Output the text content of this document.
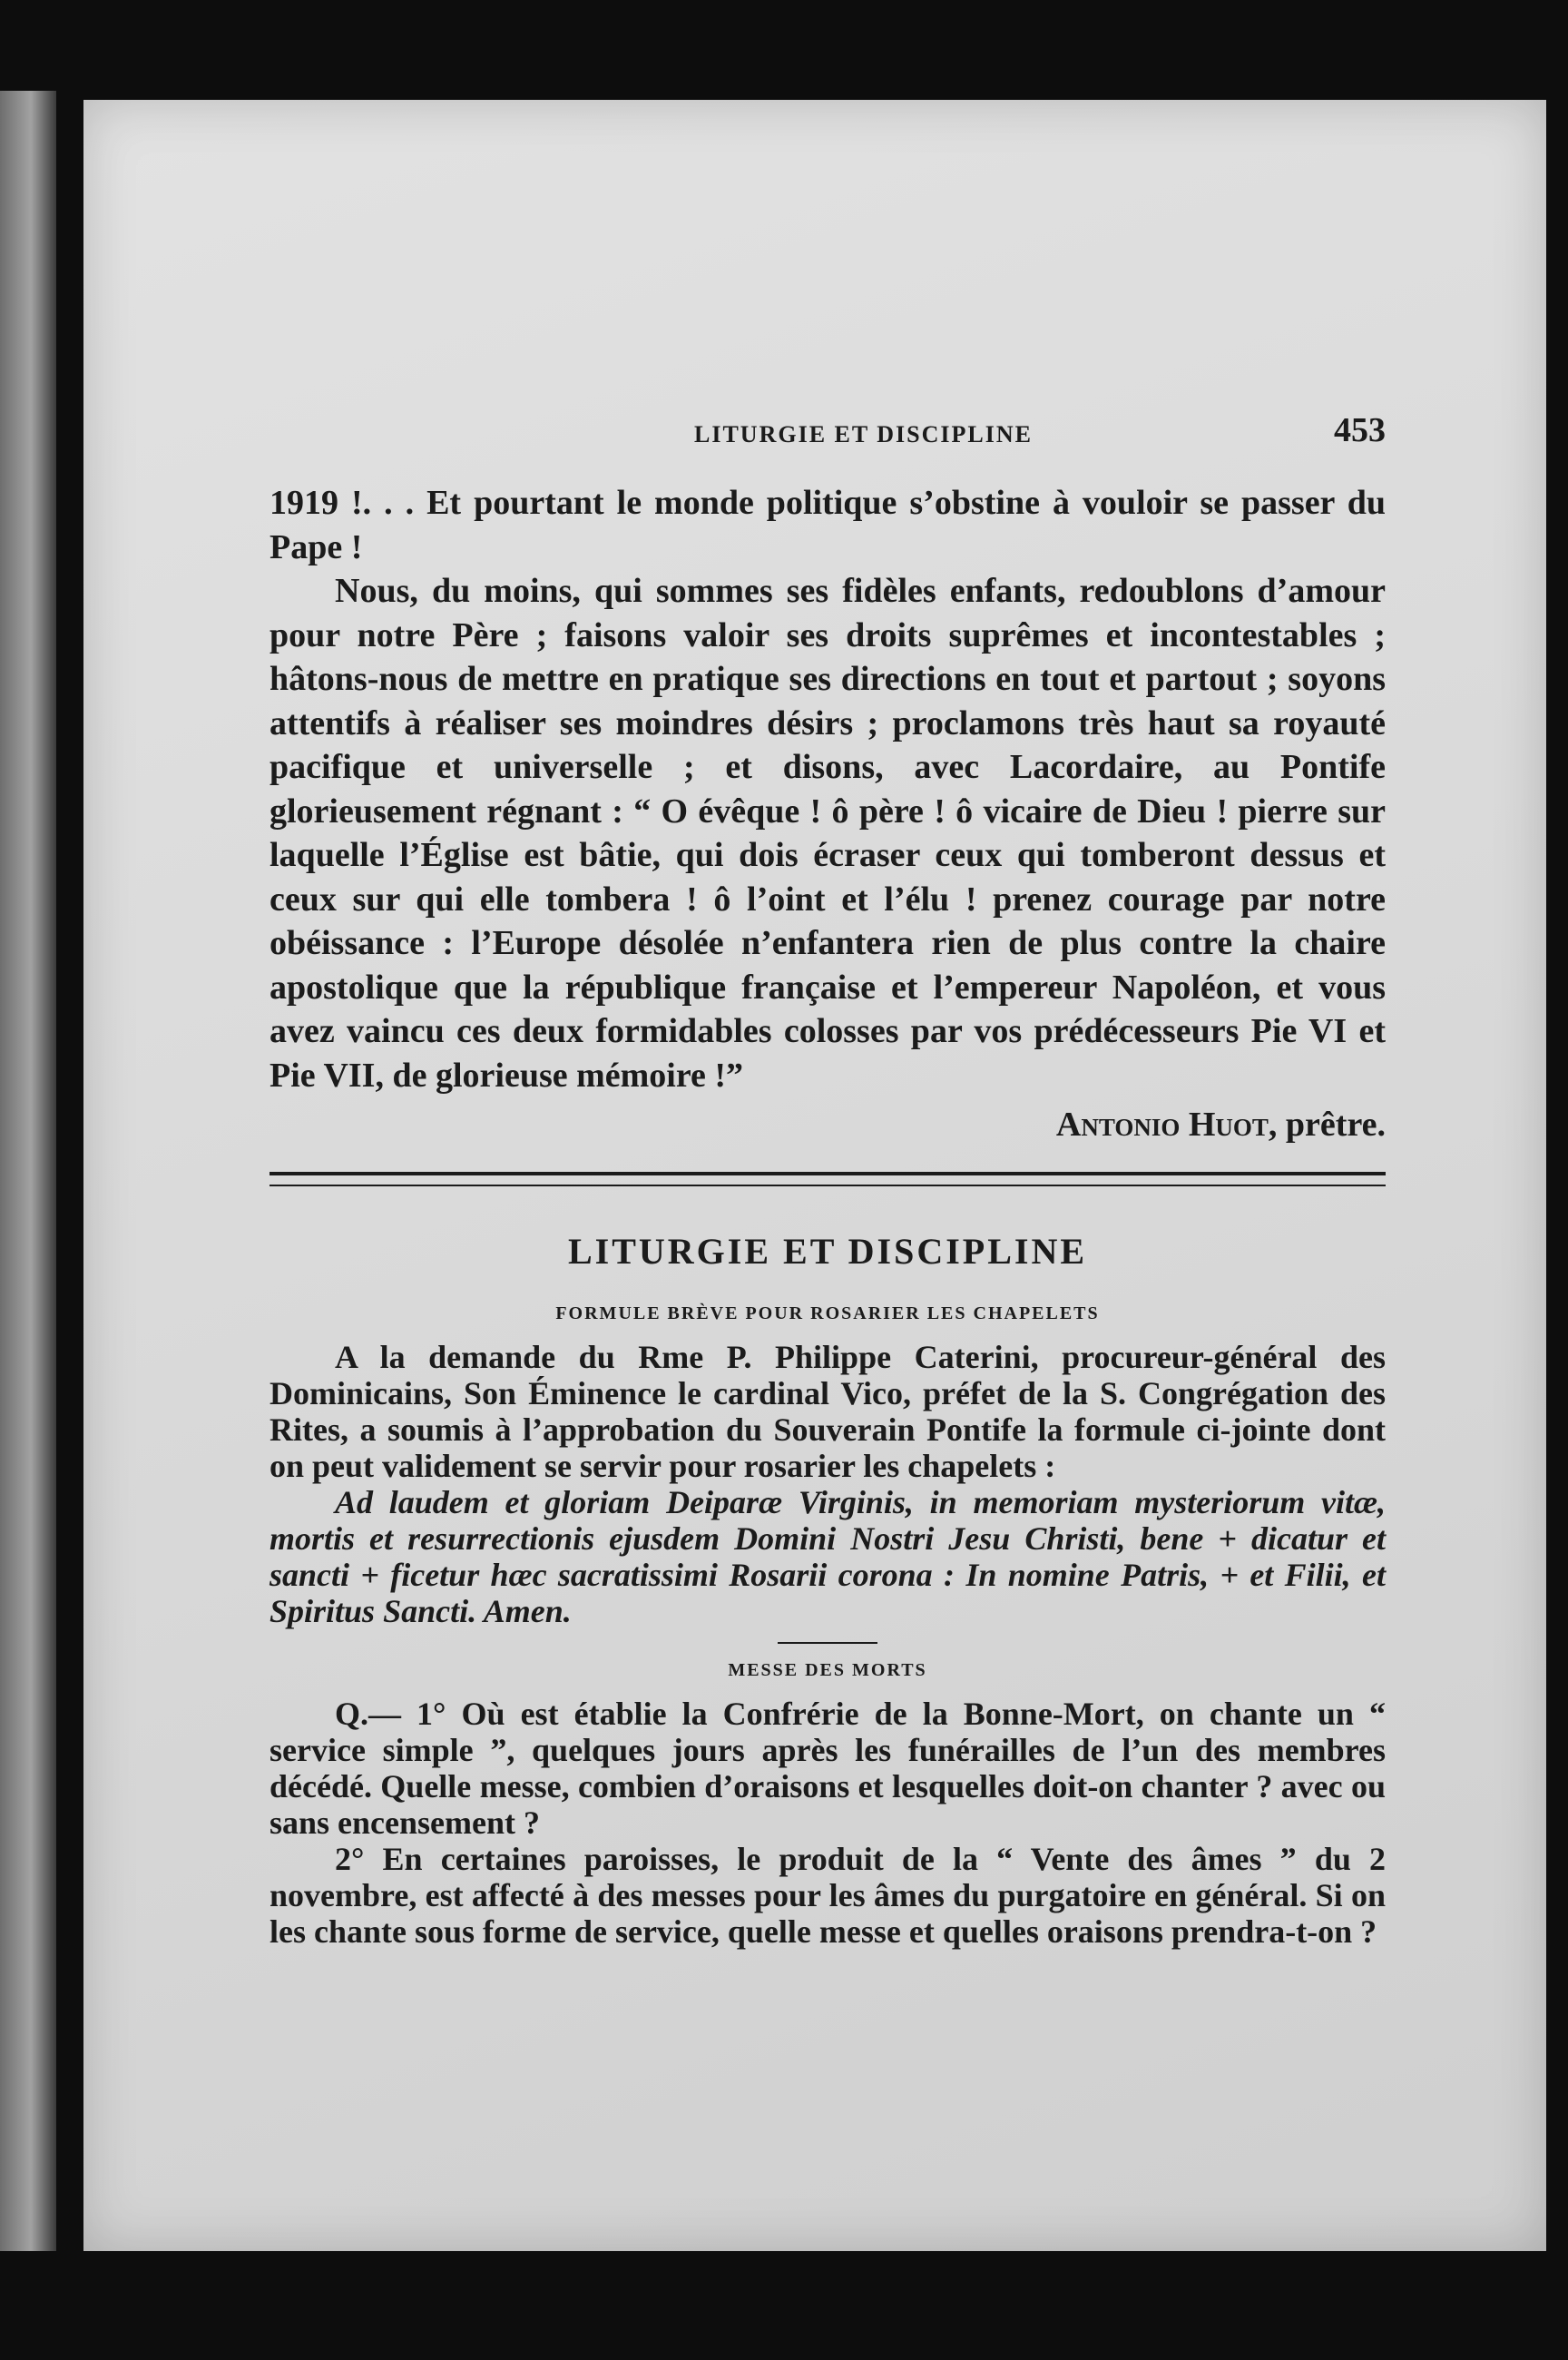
LITURGIE ET DISCIPLINE	453

1919 !. . . Et pourtant le monde politique s’obstine à vouloir se passer du Pape !

Nous, du moins, qui sommes ses fidèles enfants, redoublons d’amour pour notre Père ; faisons valoir ses droits suprêmes et incontestables ; hâtons-nous de mettre en pratique ses directions en tout et partout ; soyons attentifs à réaliser ses moindres désirs ; proclamons très haut sa royauté pacifique et universelle ; et disons, avec Lacordaire, au Pontife glorieusement régnant : “ O évêque ! ô père ! ô vicaire de Dieu ! pierre sur laquelle l’Église est bâtie, qui dois écraser ceux qui tomberont dessus et ceux sur qui elle tombera ! ô l’oint et l’élu ! prenez courage par notre obéissance : l’Europe désolée n’enfantera rien de plus contre la chaire apostolique que la république française et l’empereur Napoléon, et vous avez vaincu ces deux formidables colosses par vos prédécesseurs Pie VI et Pie VII, de glorieuse mémoire !”

Antonio Huot, prêtre.
LITURGIE ET DISCIPLINE
FORMULE BRÈVE POUR ROSARIER LES CHAPELETS

A la demande du Rme P. Philippe Caterini, procureur-général des Dominicains, Son Éminence le cardinal Vico, préfet de la S. Congrégation des Rites, a soumis à l’approbation du Souverain Pontife la formule ci-jointe dont on peut validement se servir pour rosarier les chapelets :

Ad laudem et gloriam Deiparæ Virginis, in memoriam mysteriorum vitæ, mortis et resurrectionis ejusdem Domini Nostri Jesu Christi, bene + dicatur et sancti + ficetur hæc sacratissimi Rosarii corona : In nomine Patris, + et Filii, et Spiritus Sancti. Amen.

MESSE DES MORTS

Q.— 1° Où est établie la Confrérie de la Bonne-Mort, on chante un “ service simple ”, quelques jours après les funérailles de l’un des membres décédé. Quelle messe, combien d’oraisons et lesquelles doit-on chanter ? avec ou sans encensement ?

2° En certaines paroisses, le produit de la “ Vente des âmes ” du 2 novembre, est affecté à des messes pour les âmes du purgatoire en général. Si on les chante sous forme de service, quelle messe et quelles oraisons prendra-t-on ?
